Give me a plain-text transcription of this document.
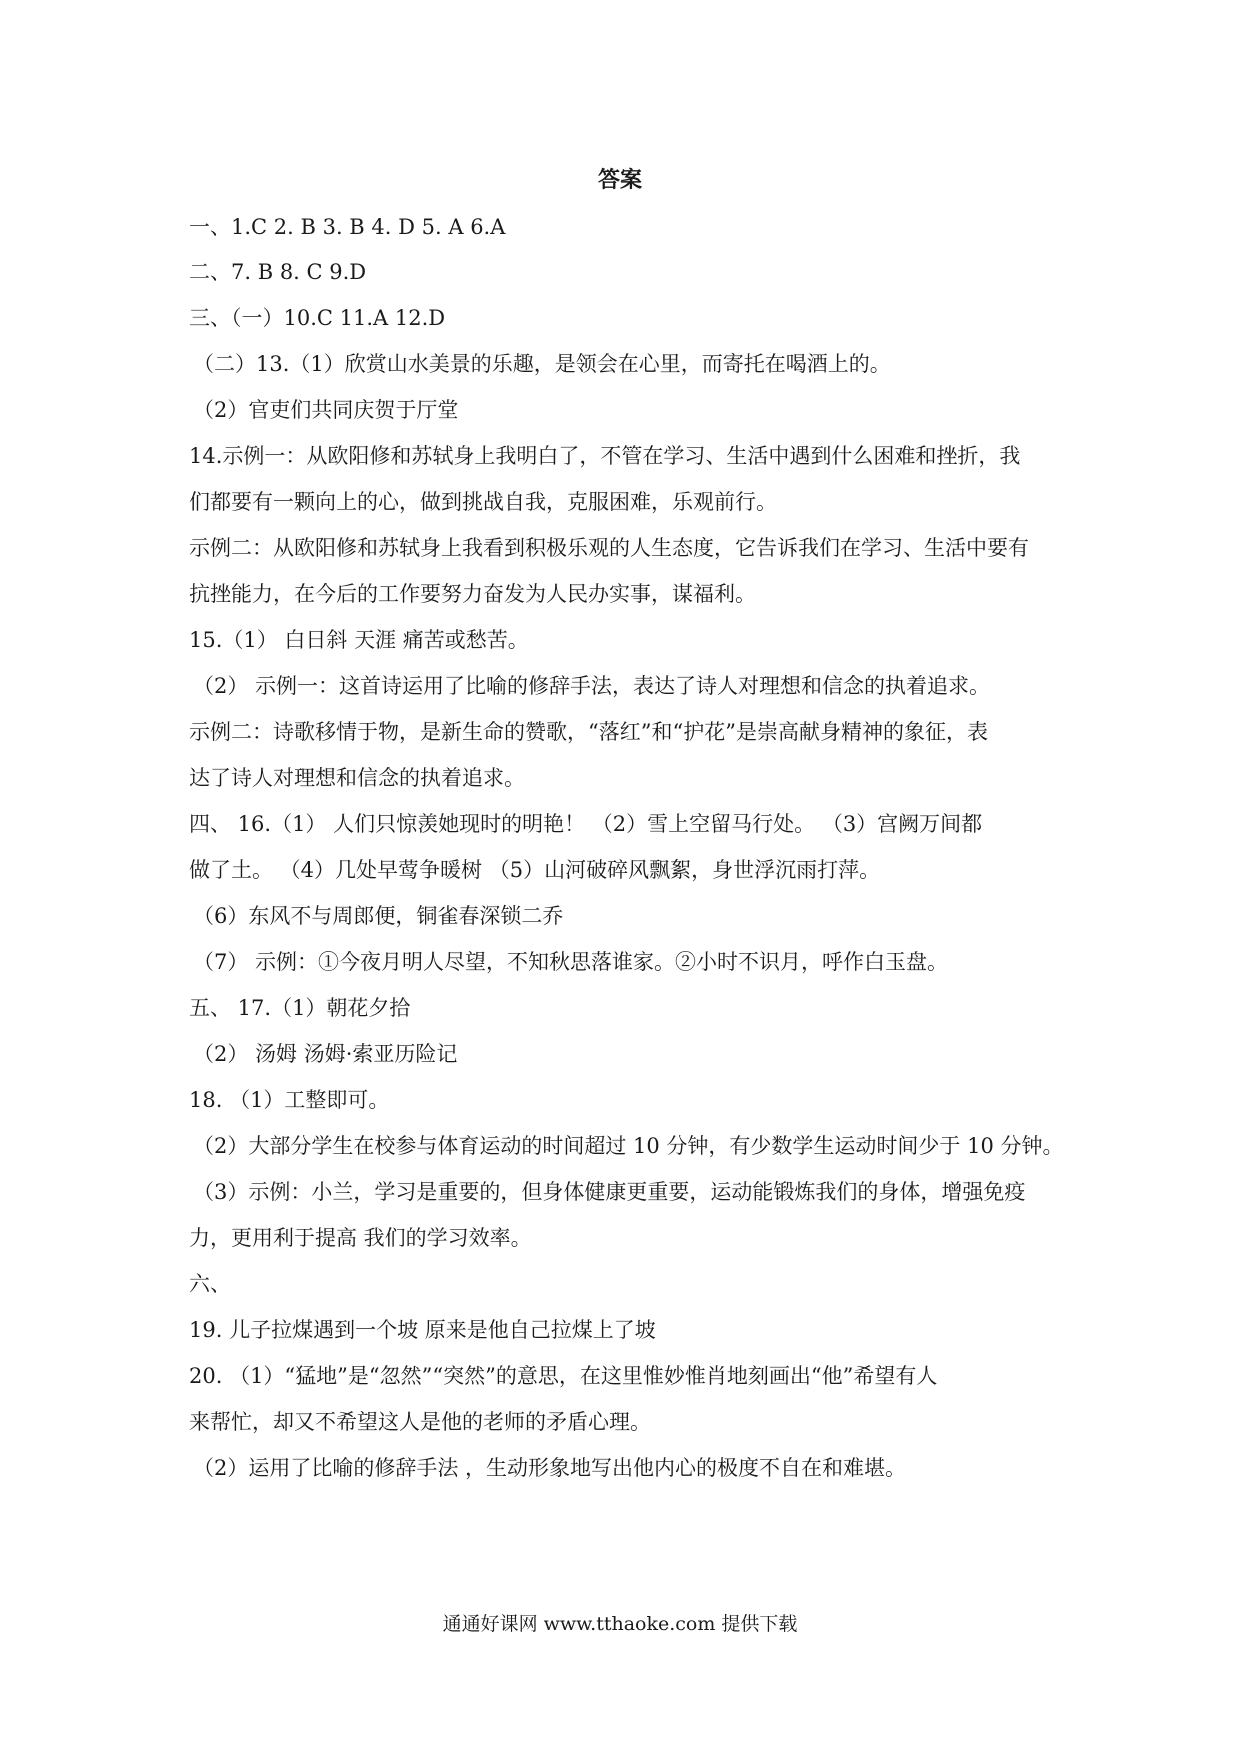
答案
一、1.C 2. B 3. B 4. D 5. A 6.A
二、7. B 8. C 9.D
三、（一）10.C 11.A 12.D
（二）13.（1）欣赏山水美景的乐趣，是领会在心里，而寄托在喝酒上的。
（2）官吏们共同庆贺于厅堂
14.示例一：从欧阳修和苏轼身上我明白了，不管在学习、生活中遇到什么困难和挫折，我
们都要有一颗向上的心，做到挑战自我，克服困难，乐观前行。
示例二：从欧阳修和苏轼身上我看到积极乐观的人生态度，它告诉我们在学习、生活中要有
抗挫能力，在今后的工作要努力奋发为人民办实事，谋福利。
15.（1） 白日斜 天涯 痛苦或愁苦。
（2） 示例一：这首诗运用了比喻的修辞手法，表达了诗人对理想和信念的执着追求。
示例二：诗歌移情于物，是新生命的赞歌，“落红”和“护花”是崇高献身精神的象征，表
达了诗人对理想和信念的执着追求。
四、 16.（1） 人们只惊羡她现时的明艳！ （2）雪上空留马行处。 （3）宫阙万间都
做了土。 （4）几处早莺争暖树 （5）山河破碎风飘絮，身世浮沉雨打萍。
（6）东风不与周郎便，铜雀春深锁二乔
（7） 示例：①今夜月明人尽望，不知秋思落谁家。②小时不识月，呼作白玉盘。
五、 17.（1）朝花夕拾
（2） 汤姆 汤姆·索亚历险记
18. （1）工整即可。
（2）大部分学生在校参与体育运动的时间超过 10 分钟，有少数学生运动时间少于 10 分钟。
（3）示例：小兰，学习是重要的，但身体健康更重要，运动能锻炼我们的身体，增强免疫
力，更用利于提高 我们的学习效率。
六、
19. 儿子拉煤遇到一个坡 原来是他自己拉煤上了坡
20. （1）“猛地”是“忽然”“突然”的意思，在这里惟妙惟肖地刻画出“他”希望有人
来帮忙，却又不希望这人是他的老师的矛盾心理。
（2）运用了比喻的修辞手法 ，生动形象地写出他内心的极度不自在和难堪。
通通好课网 www.tthaoke.com 提供下载
